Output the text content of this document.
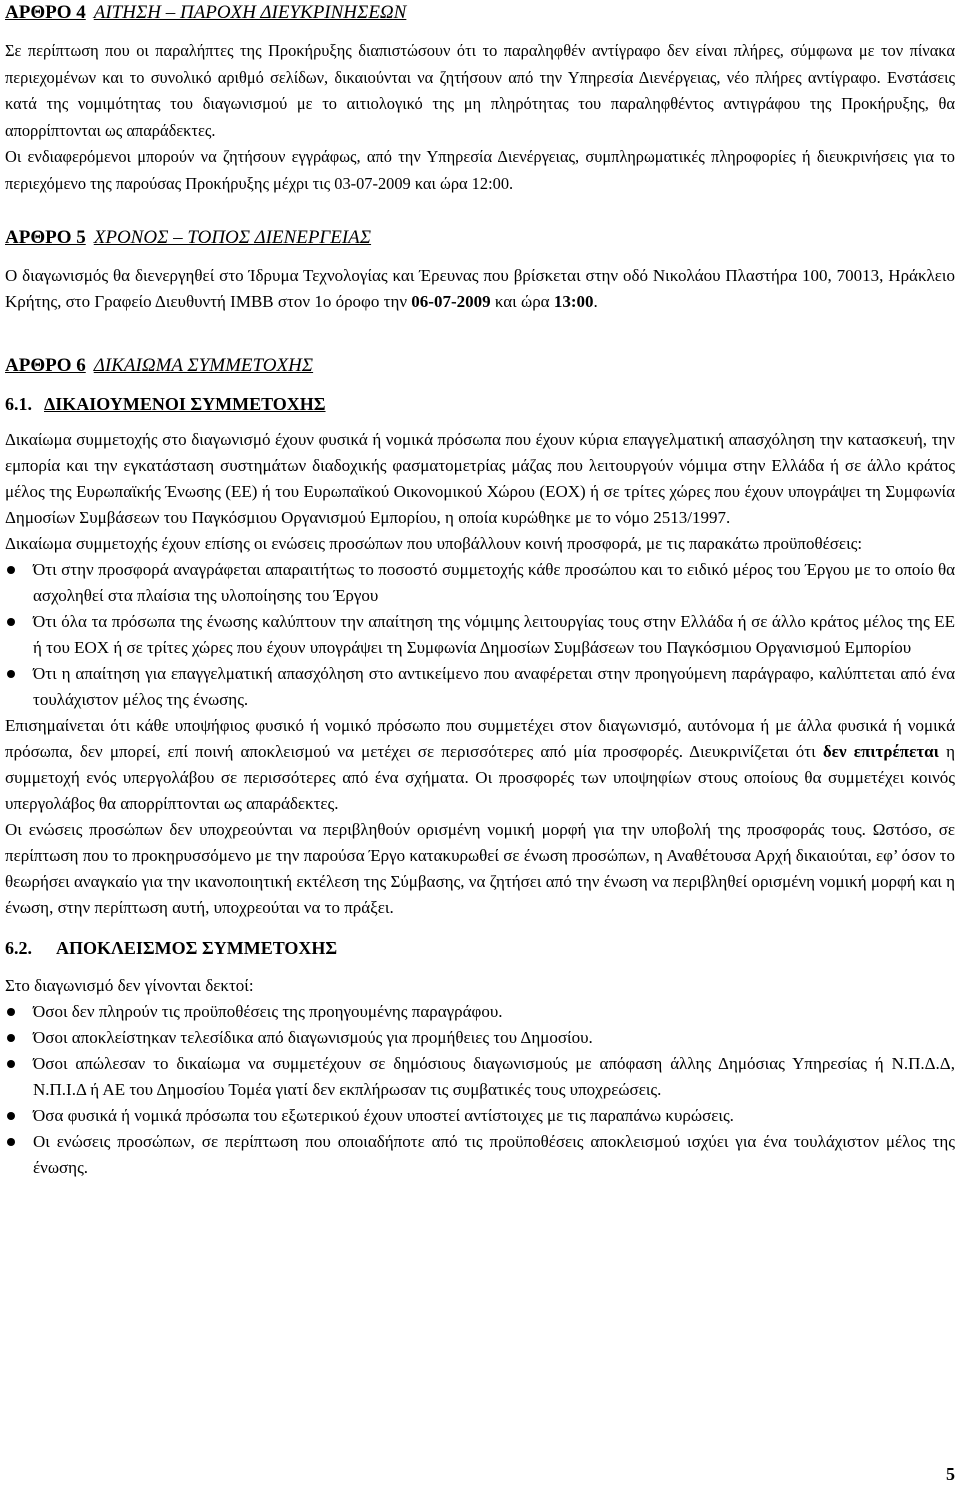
ΑΡΘΡΟ 4 ΑΙΤΗΣΗ – ΠΑΡΟΧΗ ΔΙΕΥΚΡΙΝΗΣΕΩΝ

Σε περίπτωση που οι παραλήπτες της Προκήρυξης διαπιστώσουν ότι το παραληφθέν αντίγραφο δεν είναι πλήρες, σύμφωνα με τον πίνακα περιεχομένων και το συνολικό αριθμό σελίδων, δικαιούνται να ζητήσουν από την Υπηρεσία Διενέργειας, νέο πλήρες αντίγραφο. Ενστάσεις κατά της νομιμότητας του διαγωνισμού με το αιτιολογικό της μη πληρότητας του παραληφθέντος αντιγράφου της Προκήρυξης, θα απορρίπτονται ως απαράδεκτες.

Οι ενδιαφερόμενοι μπορούν να ζητήσουν εγγράφως, από την Υπηρεσία Διενέργειας, συμπληρωματικές πληροφορίες ή διευκρινήσεις για το περιεχόμενο της παρούσας Προκήρυξης μέχρι τις 03-07-2009 και ώρα 12:00.

ΑΡΘΡΟ 5 ΧΡΟΝΟΣ – ΤΟΠΟΣ ΔΙΕΝΕΡΓΕΙΑΣ

Ο διαγωνισμός θα διενεργηθεί στο Ίδρυμα Τεχνολογίας και Έρευνας που βρίσκεται στην οδό Νικολάου Πλαστήρα 100, 70013, Ηράκλειο Κρήτης, στο Γραφείο Διευθυντή ΙΜΒΒ στον 1ο όροφο την 06-07-2009 και ώρα 13:00.

ΑΡΘΡΟ 6 ΔΙΚΑΙΩΜΑ ΣΥΜΜΕΤΟΧΗΣ
6.1. ΔΙΚΑΙΟΥΜΕΝΟΙ ΣΥΜΜΕΤΟΧΗΣ

Δικαίωμα συμμετοχής στο διαγωνισμό έχουν φυσικά ή νομικά πρόσωπα που έχουν κύρια επαγγελματική απασχόληση την κατασκευή, την εμπορία και την εγκατάσταση συστημάτων διαδοχικής φασματομετρίας μάζας που λειτουργούν νόμιμα στην Ελλάδα ή σε άλλο κράτος μέλος της Ευρωπαϊκής Ένωσης (ΕΕ) ή του Ευρωπαϊκού Οικονομικού Χώρου (ΕΟΧ) ή σε τρίτες χώρες που έχουν υπογράψει τη Συμφωνία Δημοσίων Συμβάσεων του Παγκόσμιου Οργανισμού Εμπορίου, η οποία κυρώθηκε με το νόμο 2513/1997.

Δικαίωμα συμμετοχής έχουν επίσης οι ενώσεις προσώπων που υποβάλλουν κοινή προσφορά, με τις παρακάτω προϋποθέσεις:

Ότι στην προσφορά αναγράφεται απαραιτήτως το ποσοστό συμμετοχής κάθε προσώπου και το ειδικό μέρος του Έργου με το οποίο θα ασχοληθεί στα πλαίσια της υλοποίησης του Έργου
Ότι όλα τα πρόσωπα της ένωσης καλύπτουν την απαίτηση της νόμιμης λειτουργίας τους στην Ελλάδα ή σε άλλο κράτος μέλος της ΕΕ ή του ΕΟΧ ή σε τρίτες χώρες που έχουν υπογράψει τη Συμφωνία Δημοσίων Συμβάσεων του Παγκόσμιου Οργανισμού Εμπορίου
Ότι η απαίτηση για επαγγελματική απασχόληση στο αντικείμενο που αναφέρεται στην προηγούμενη παράγραφο, καλύπτεται από ένα τουλάχιστον μέλος της ένωσης.

Επισημαίνεται ότι κάθε υποψήφιος φυσικό ή νομικό πρόσωπο που συμμετέχει στον διαγωνισμό, αυτόνομα ή με άλλα φυσικά ή νομικά πρόσωπα, δεν μπορεί, επί ποινή αποκλεισμού να μετέχει σε περισσότερες από μία προσφορές. Διευκρινίζεται ότι δεν επιτρέπεται η συμμετοχή ενός υπεργολάβου σε περισσότερες από ένα σχήματα. Οι προσφορές των υποψηφίων στους οποίους θα συμμετέχει κοινός υπεργολάβος θα απορρίπτονται ως απαράδεκτες.

Οι ενώσεις προσώπων δεν υποχρεούνται να περιβληθούν ορισμένη νομική μορφή για την υποβολή της προσφοράς τους. Ωστόσο, σε περίπτωση που το προκηρυσσόμενο με την παρούσα Έργο κατακυρωθεί σε ένωση προσώπων, η Αναθέτουσα Αρχή δικαιούται, εφ’ όσον το θεωρήσει αναγκαίο για την ικανοποιητική εκτέλεση της Σύμβασης, να ζητήσει από την ένωση να περιβληθεί ορισμένη νομική μορφή και η ένωση, στην περίπτωση αυτή, υποχρεούται να το πράξει.

6.2. ΑΠΟΚΛΕΙΣΜΟΣ ΣΥΜΜΕΤΟΧΗΣ

Στο διαγωνισμό δεν γίνονται δεκτοί:

Όσοι δεν πληρούν τις προϋποθέσεις της προηγουμένης παραγράφου.
Όσοι αποκλείστηκαν τελεσίδικα από διαγωνισμούς για προμήθειες του Δημοσίου.
Όσοι απώλεσαν το δικαίωμα να συμμετέχουν σε δημόσιους διαγωνισμούς με απόφαση άλλης Δημόσιας Υπηρεσίας ή Ν.Π.Δ.Δ, Ν.Π.Ι.Δ ή ΑΕ του Δημοσίου Τομέα γιατί δεν εκπλήρωσαν τις συμβατικές τους υποχρεώσεις.
Όσα φυσικά ή νομικά πρόσωπα του εξωτερικού έχουν υποστεί αντίστοιχες με τις παραπάνω κυρώσεις.
Οι ενώσεις προσώπων, σε περίπτωση που οποιαδήποτε από τις προϋποθέσεις αποκλεισμού ισχύει για ένα τουλάχιστον μέλος της ένωσης.
5
